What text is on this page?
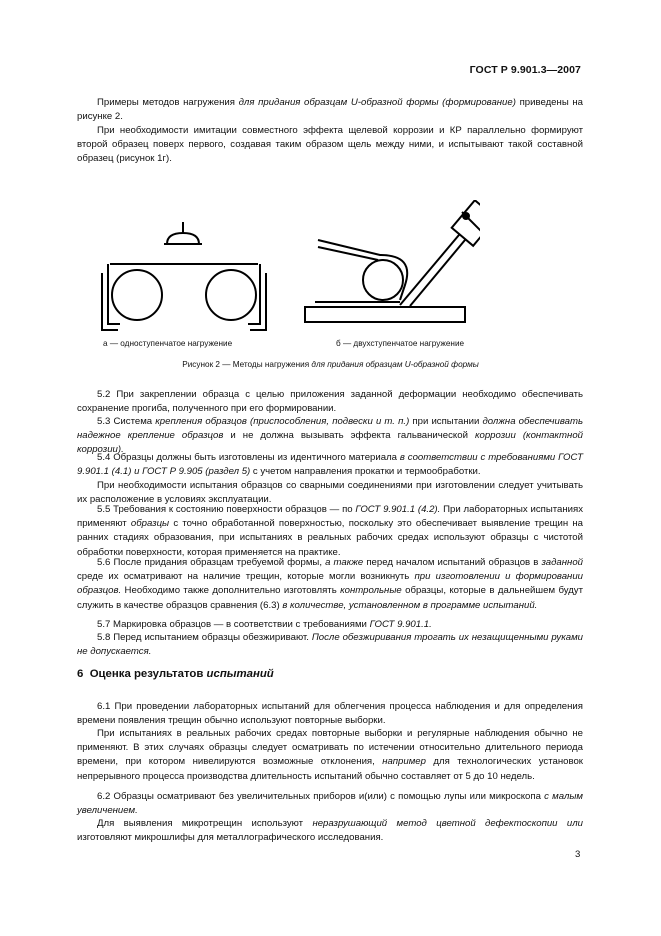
ГОСТ Р 9.901.3—2007

Примеры методов нагружения для придания образцам U-образной формы (формирование) приведены на рисунке 2.

При необходимости имитации совместного эффекта щелевой коррозии и КР параллельно формируют второй образец поверх первого, создавая таким образом щель между ними, и испытывают такой составной образец (рисунок 1г).

а — одноступенчатое нагружение	б — двухступенчатое нагружение
Рисунок 2 — Методы нагружения для придания образцам U-образной формы

5.2 При закреплении образца с целью приложения заданной деформации необходимо обеспечивать сохранение прогиба, полученного при его формировании.

5.3 Система крепления образцов (приспособления, подвески и т. п.) при испытании должна обеспечивать надежное крепление образцов и не должна вызывать эффекта гальванической коррозии (контактной коррозии).

5.4 Образцы должны быть изготовлены из идентичного материала в соответствии с требованиями ГОСТ 9.901.1 (4.1) и ГОСТ Р 9.905 (раздел 5) с учетом направления прокатки и термообработки.

При необходимости испытания образцов со сварными соединениями при изготовлении следует учитывать их расположение в условиях эксплуатации.

5.5 Требования к состоянию поверхности образцов — по ГОСТ 9.901.1 (4.2). При лабораторных испытаниях применяют образцы с точно обработанной поверхностью, поскольку это обеспечивает выявление трещин на ранних стадиях образования, при испытаниях в реальных рабочих средах используют образцы с чистотой обработки поверхности, которая применяется на практике.

5.6 После придания образцам требуемой формы, а также перед началом испытаний образцов в заданной среде их осматривают на наличие трещин, которые могли возникнуть при изготовлении и формировании образцов. Необходимо также дополнительно изготовлять контрольные образцы, которые в дальнейшем будут служить в качестве образцов сравнения (6.3) в количестве, установленном в программе испытаний.

5.7 Маркировка образцов — в соответствии с требованиями ГОСТ 9.901.1.

5.8 Перед испытанием образцы обезжиривают. После обезжиривания трогать их незащищенными руками не допускается.

6 Оценка результатов испытаний

6.1 При проведении лабораторных испытаний для облегчения процесса наблюдения и для определения времени появления трещин обычно используют повторные выборки.

При испытаниях в реальных рабочих средах повторные выборки и регулярные наблюдения обычно не применяют. В этих случаях образцы следует осматривать по истечении относительно длительного периода времени, при котором нивелируются возможные отклонения, например для технологических установок непрерывного процесса производства длительность испытаний обычно составляет от 5 до 10 недель.

6.2 Образцы осматривают без увеличительных приборов и(или) с помощью лупы или микроскопа с малым увеличением.

Для выявления микротрещин используют неразрушающий метод цветной дефектоскопии или изготовляют микрошлифы для металлографического исследования.

3
